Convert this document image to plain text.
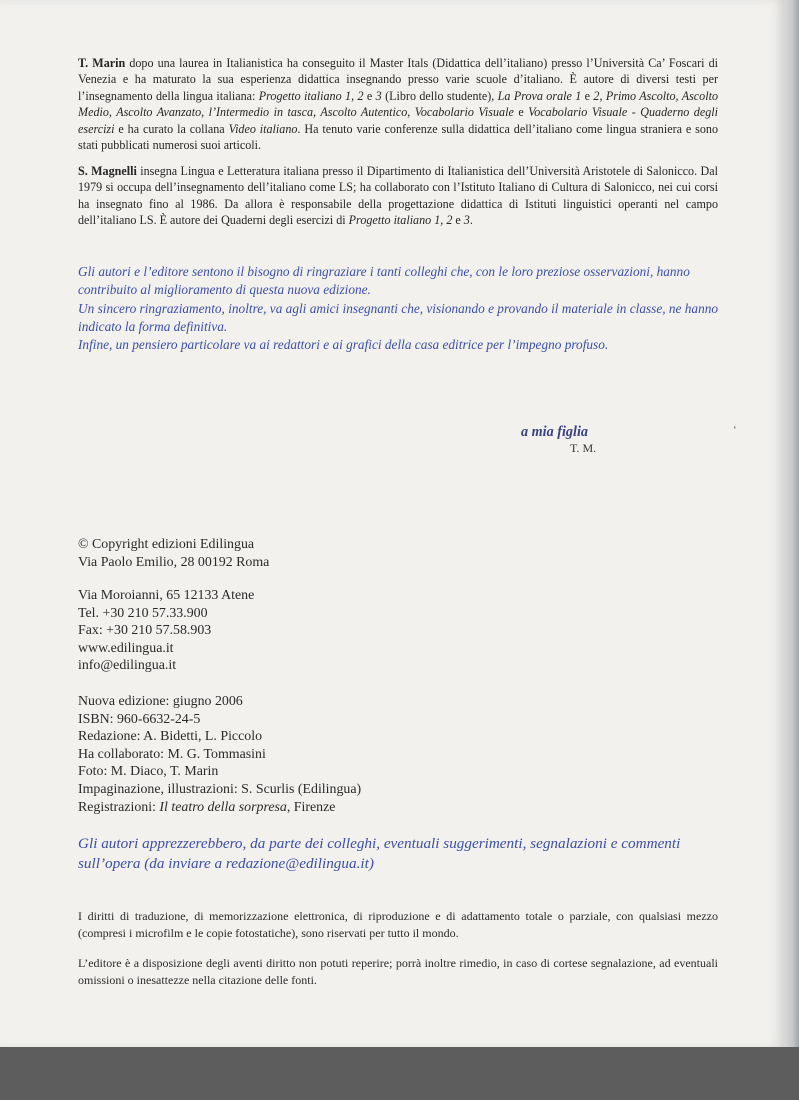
T. Marin dopo una laurea in Italianistica ha conseguito il Master Itals (Didattica dell’italiano) presso l’Università Ca’ Foscari di Venezia e ha maturato la sua esperienza didattica insegnando presso varie scuole d’italiano. È autore di diversi testi per l’insegnamento della lingua italiana: Progetto italiano 1, 2 e 3 (Libro dello studente), La Prova orale 1 e 2, Primo Ascolto, Ascolto Medio, Ascolto Avanzato, l’Intermedio in tasca, Ascolto Autentico, Vocabolario Visuale e Vocabolario Visuale - Quaderno degli esercizi e ha curato la collana Video italiano. Ha tenuto varie conferenze sulla didattica dell’italiano come lingua straniera e sono stati pubblicati numerosi suoi articoli.
S. Magnelli insegna Lingua e Letteratura italiana presso il Dipartimento di Italianistica dell’Università Aristotele di Salonicco. Dal 1979 si occupa dell’insegnamento dell’italiano come LS; ha collaborato con l’Istituto Italiano di Cultura di Salonicco, nei cui corsi ha insegnato fino al 1986. Da allora è responsabile della progettazione didattica di Istituti linguistici operanti nel campo dell’italiano LS. È autore dei Quaderni degli esercizi di Progetto italiano 1, 2 e 3.

Gli autori e l’editore sentono il bisogno di ringraziare i tanti colleghi che, con le loro preziose osservazioni, hanno contribuito al miglioramento di questa nuova edizione.

Un sincero ringraziamento, inoltre, va agli amici insegnanti che, visionando e provando il materiale in classe, ne hanno indicato la forma definitiva.

Infine, un pensiero particolare va ai redattori e ai grafici della casa editrice per l’impegno profuso.

a mia figlia
T. M.
© Copyright edizioni Edilingua
Via Paolo Emilio, 28 00192 Roma
Via Moroianni, 65 12133 Atene
Tel. +30 210 57.33.900
Fax: +30 210 57.58.903
www.edilingua.it
info@edilingua.it
Nuova edizione: giugno 2006
ISBN: 960-6632-24-5
Redazione: A. Bidetti, L. Piccolo
Ha collaborato: M. G. Tommasini
Foto: M. Diaco, T. Marin
Impaginazione, illustrazioni: S. Scurlis (Edilingua)
Registrazioni: Il teatro della sorpresa, Firenze

Gli autori apprezzerebbero, da parte dei colleghi, eventuali suggerimenti, segnalazioni e commenti

sull’opera (da inviare a redazione@edilingua.it)

I diritti di traduzione, di memorizzazione elettronica, di riproduzione e di adattamento totale o parziale, con qualsiasi mezzo (compresi i microfilm e le copie fotostatiche), sono riservati per tutto il mondo.
L’editore è a disposizione degli aventi diritto non potuti reperire; porrà inoltre rimedio, in caso di cortese segnalazione, ad eventuali omissioni o inesattezze nella citazione delle fonti.
‘
